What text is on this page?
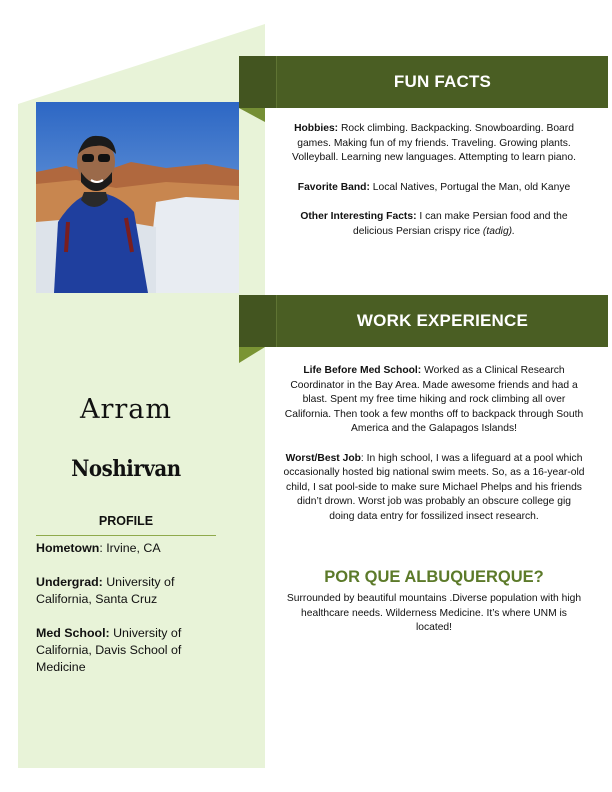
FUN FACTS

Hobbies: Rock climbing. Backpacking. Snowboarding. Board games. Making fun of my friends. Traveling. Growing plants. Volleyball. Learning new languages. Attempting to learn piano.

Favorite Band: Local Natives, Portugal the Man, old Kanye

Other Interesting Facts: I can make Persian food and the delicious Persian crispy rice (tadig).

WORK EXPERIENCE

Life Before Med School: Worked as a Clinical Research Coordinator in the Bay Area. Made awesome friends and had a blast. Spent my free time hiking and rock climbing all over California. Then took a few months off to backpack through South America and the Galapagos Islands!

Worst/Best Job: In high school, I was a lifeguard at a pool which occasionally hosted big national swim meets. So, as a 16-year-old child, I sat pool-side to make sure Michael Phelps and his friends didn’t drown. Worst job was probably an obscure college gig doing data entry for fossilized insect research.

POR QUE ALBUQUERQUE?

Surrounded by beautiful mountains .Diverse population with high healthcare needs. Wilderness Medicine. It’s where UNM is located!

Arram
Noshirvan
PROFILE

Hometown: Irvine, CA

Undergrad: University of California, Santa Cruz

Med School: University of California, Davis School of Medicine
